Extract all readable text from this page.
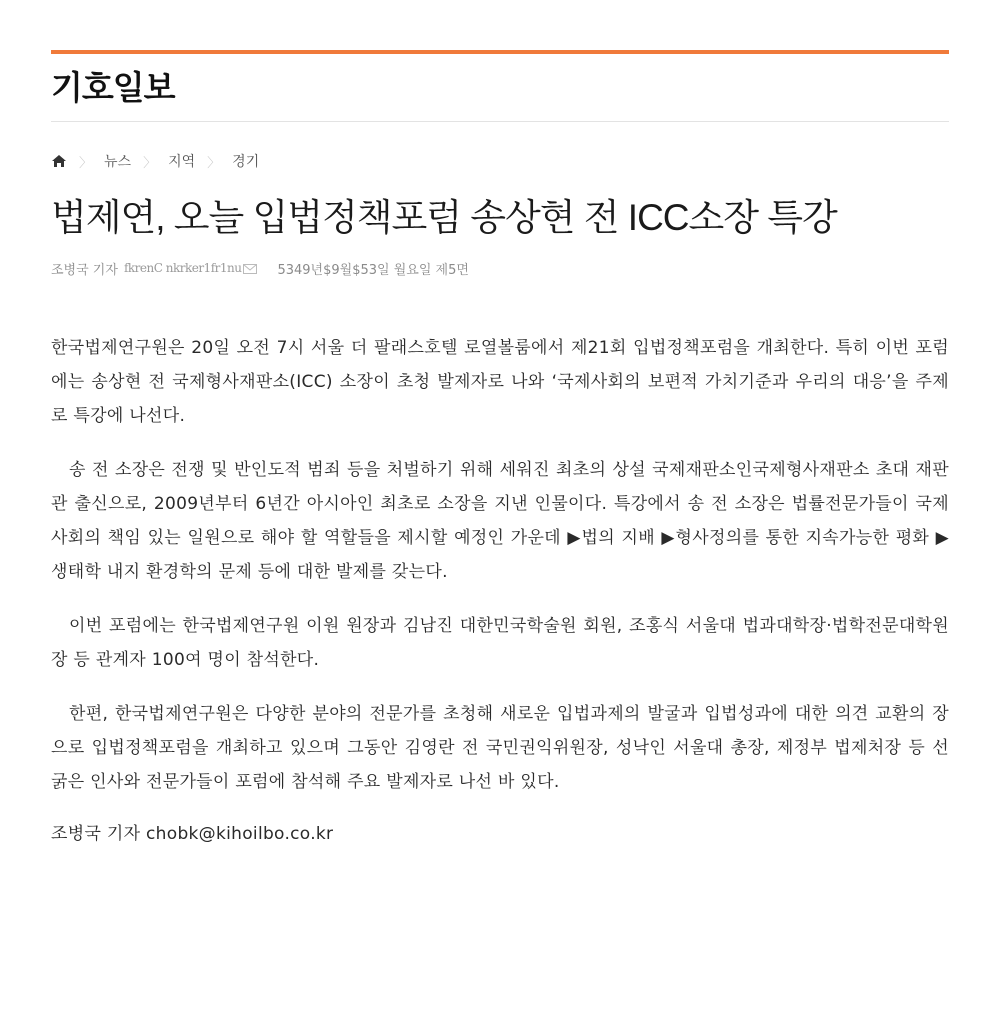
기호일보
〉 뉴스 〉 지역 〉 경기
법제연, 오늘 입법정책포럼 송상현 전 ICC소장 특강
조병국 기자 fkrenC nkrker1fr1nu	5349년$9월$53일 월요일 제5면

한국법제연구원은 20일 오전 7시 서울 더 팔래스호텔 로열볼룸에서 제21회 입법정책포럼을 개최한다. 특히 이번 포럼에는 송상현 전 국제형사재판소(ICC) 소장이 초청 발제자로 나와 ‘국제사회의 보편적 가치기준과 우리의 대응’을 주제로 특강에 나선다.

송 전 소장은 전쟁 및 반인도적 범죄 등을 처벌하기 위해 세워진 최초의 상설 국제재판소인국제형사재판소 초대 재판관 출신으로, 2009년부터 6년간 아시아인 최초로 소장을 지낸 인물이다. 특강에서 송 전 소장은 법률전문가들이 국제사회의 책임 있는 일원으로 해야 할 역할들을 제시할 예정인 가운데 ▶법의 지배 ▶형사정의를 통한 지속가능한 평화 ▶생태학 내지 환경학의 문제 등에 대한 발제를 갖는다.

이번 포럼에는 한국법제연구원 이원 원장과 김남진 대한민국학술원 회원, 조홍식 서울대 법과대학장·법학전문대학원장 등 관계자 100여 명이 참석한다.

한편, 한국법제연구원은 다양한 분야의 전문가를 초청해 새로운 입법과제의 발굴과 입법성과에 대한 의견 교환의 장으로 입법정책포럼을 개최하고 있으며 그동안 김영란 전 국민권익위원장, 성낙인 서울대 총장, 제정부 법제처장 등 선 굵은 인사와 전문가들이 포럼에 참석해 주요 발제자로 나선 바 있다.

조병국 기자 chobk@kihoilbo.co.kr
